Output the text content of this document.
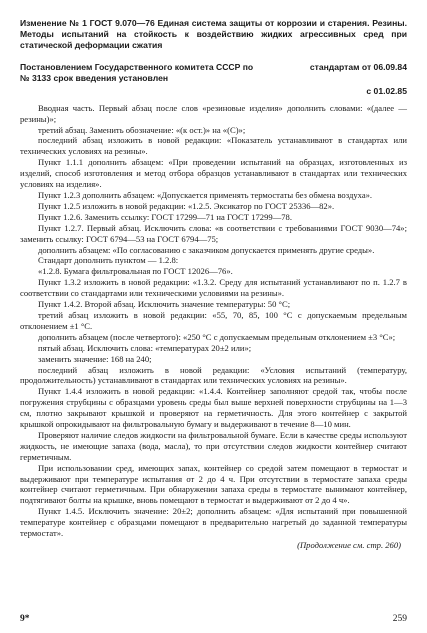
Изменение № 1 ГОСТ 9.070—76 Единая система защиты от коррозии и старения. Резины. Методы испытаний на стойкость к воздействию жидких агрессивных сред при статической деформации сжатия
Постановлением Государственного комитета СССР по	стандартам от 06.09.84
№ 3133 срок введения установлен
с 01.02.85

Вводная часть. Первый абзац после слов «резиновые изделия» дополнить словами: «(далее — резины)»;

третий абзац. Заменить обозначение: «(к ост.)» на «(С)»;

последний абзац изложить в новой редакции: «Показатель устанавливают в стандартах или технических условиях на резины».

Пункт 1.1.1 дополнить абзацем: «При проведении испытаний на образцах, изготовленных из изделий, способ изготовления и метод отбора образцов устанавливают в стандартах или технических условиях на изделия».

Пункт 1.2.3 дополнить абзацем: «Допускается применять термостаты без обмена воздуха».

Пункт 1.2.5 изложить в новой редакции: «1.2.5. Эксикатор по ГОСТ 25336—82».

Пункт 1.2.6. Заменить ссылку: ГОСТ 17299—71 на ГОСТ 17299—78.

Пункт 1.2.7. Первый абзац. Исключить слова: «в соответствии с требованиями ГОСТ 9030—74»; заменить ссылку: ГОСТ 6794—53 на ГОСТ 6794—75;

дополнить абзацем: «По согласованию с заказчиком допускается применять другие среды».

Стандарт дополнить пунктом — 1.2.8:

«1.2.8. Бумага фильтровальная по ГОСТ 12026—76».

Пункт 1.3.2 изложить в новой редакции: «1.3.2. Среду для испытаний устанавливают по п. 1.2.7 в соответствии со стандартами или техническими условиями на резины».

Пункт 1.4.2. Второй абзац. Исключить значение температуры: 50 °С;

третий абзац изложить в новой редакции: «55, 70, 85, 100 °С с допускаемым предельным отклонением ±1 °С.

дополнить абзацем (после четвертого): «250 °С с допускаемым предельным отклонением ±3 °С»;

пятый абзац. Исключить слова: «температурах 20±2 или»;

заменить значение: 168 на 240;

последний абзац изложить в новой редакции: «Условия испытаний (температуру, продолжительность) устанавливают в стандартах или технических условиях на резины».

Пункт 1.4.4 изложить в новой редакции: «1.4.4. Контейнер заполняют средой так, чтобы после погружения струбцины с образцами уровень среды был выше верхней поверхности струбцины на 1—3 см, плотно закрывают крышкой и проверяют на герметичность. Для этого контейнер с закрытой крышкой опрокидывают на фильтровальную бумагу и выдерживают в течение 8—10 мин.

Проверяют наличие следов жидкости на фильтровальной бумаге. Если в качестве среды используют жидкость, не имеющие запаха (вода, масла), то при отсутствии следов жидкости контейнер считают герметичным.

При использовании сред, имеющих запах, контейнер со средой затем помещают в термостат и выдерживают при температуре испытания от 2 до 4 ч. При отсутствии в термостате запаха среды контейнер считают герметичным. При обнаружении запаха среды в термостате вынимают контейнер, подтягивают болты на крышке, вновь помещают в термостат и выдерживают от 2 до 4 ч».

Пункт 1.4.5. Исключить значение: 20±2; дополнить абзацем: «Для испытаний при повышенной температуре контейнер с образцами помещают в предварительно нагретый до заданной температуры термостат».

(Продолжение см. стр. 260)
9*	259
